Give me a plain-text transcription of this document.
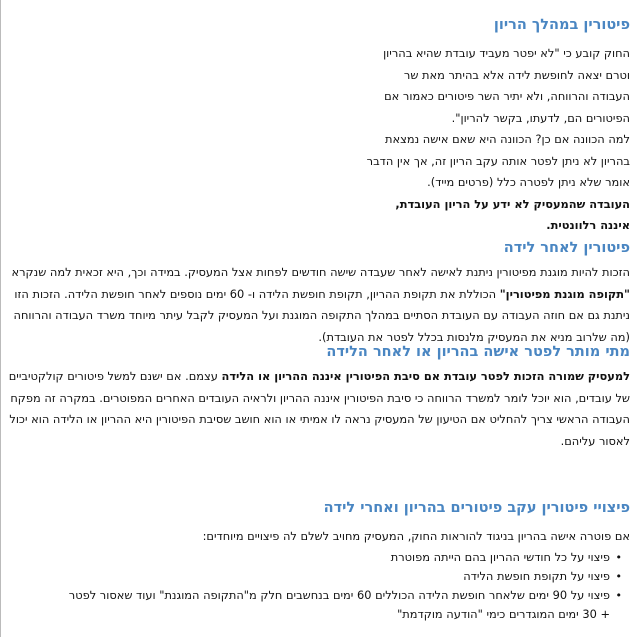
פיטורין במהלך הריון

החוק קובע כי "לא יפטר מעביד עובדת שהיא בהריון וטרם יצאה לחופשת לידה אלא בהיתר מאת שר העבודה והרווחה, ולא יתיר השר פיטורים כאמור אם הפיטורים הם, לדעתו, בקשר להריון".

למה הכוונה אם כן? הכוונה היא שאם אישה נמצאת בהריון לא ניתן לפטר אותה עקב הריון זה, אך אין הדבר אומר שלא ניתן לפטרה כלל (פרטים מייד).

העובדה שהמעסיק לא ידע על הריון העובדת, איננה רלוונטית.

פיטורין לאחר לידה

הזכות להיות מוגנת מפיטורין ניתנת לאישה לאחר שעבדה שישה חודשים לפחות אצל המעסיק. במידה וכך, היא זכאית למה שנקרא "תקופה מוגנת מפיטורין" הכוללת את תקופת ההריון, תקופת חופשת הלידה ו- 60 ימים נוספים לאחר חופשת הלידה. הזכות הזו ניתנת גם אם חוזה העבודה עם העובדת הסתיים במהלך התקופה המוגנת ועל המעסיק לקבל עיתר מיוחד משרד העבודה והרווחה (מה שלרוב מניא את המעסיק מלנסות בכלל לפטר את העובדת).

מתי מותר לפטר אישה בהריון או לאחר הלידה

למעסיק שמורה הזכות לפטר עובדת אם סיבת הפיטורין איננה ההריון או הלידה עצמם. אם ישנם למשל פיטורים קולקטיביים של עובדים, הוא יוכל לומר למשרד הרווחה כי סיבת הפיטורין איננה ההריון ולראיה העובדים האחרים המפוטרים. במקרה זה מפקח העבודה הראשי צריך להחליט אם הטיעון של המעסיק נראה לו אמיתי או הוא חושב שסיבת הפיטורין היא ההריון או הלידה הוא יכול לאסור עליהם.

פיצויי פיטורין עקב פיטורים בהריון ואחרי לידה

אם פוטרה אישה בהריון בניגוד להוראות החוק, המעסיק מחויב לשלם לה פיצויים מיוחדים:

•
פיצוי על כל חודשי ההריון בהם הייתה מפוטרת
•
פיצוי על תקופת חופשת הלידה
•
פיצוי על 90 ימים שלאחר חופשת הלידה הכוללים 60 ימים בנחשבים חלק מ"התקופה המוגנת" ועוד שאסור לפטר
+ 30 ימים המוגדרים כימי "הודעה מוקדמת"
